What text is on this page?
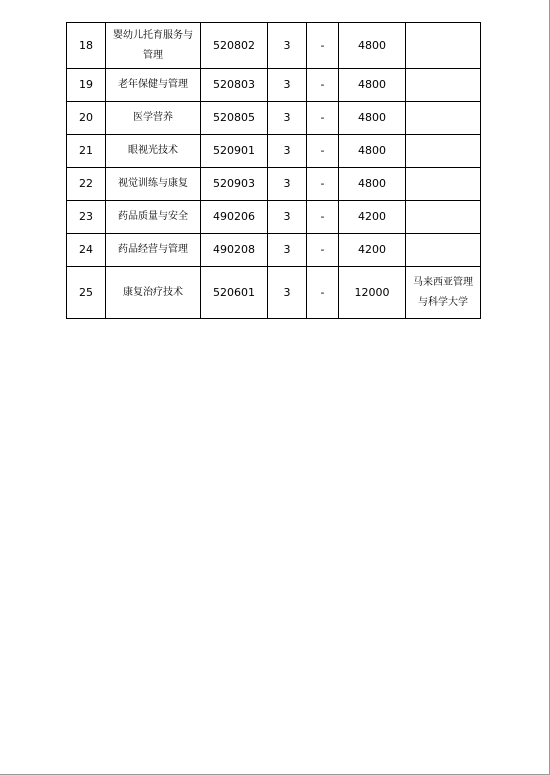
18	婴幼儿托育服务与管理	520802	3	-	4800	
19	老年保健与管理	520803	3	-	4800	
20	医学营养	520805	3	-	4800	
21	眼视光技术	520901	3	-	4800	
22	视觉训练与康复	520903	3	-	4800	
23	药品质量与安全	490206	3	-	4200	
24	药品经营与管理	490208	3	-	4200	
25	康复治疗技术	520601	3	-	12000	马来西亚管理与科学大学
